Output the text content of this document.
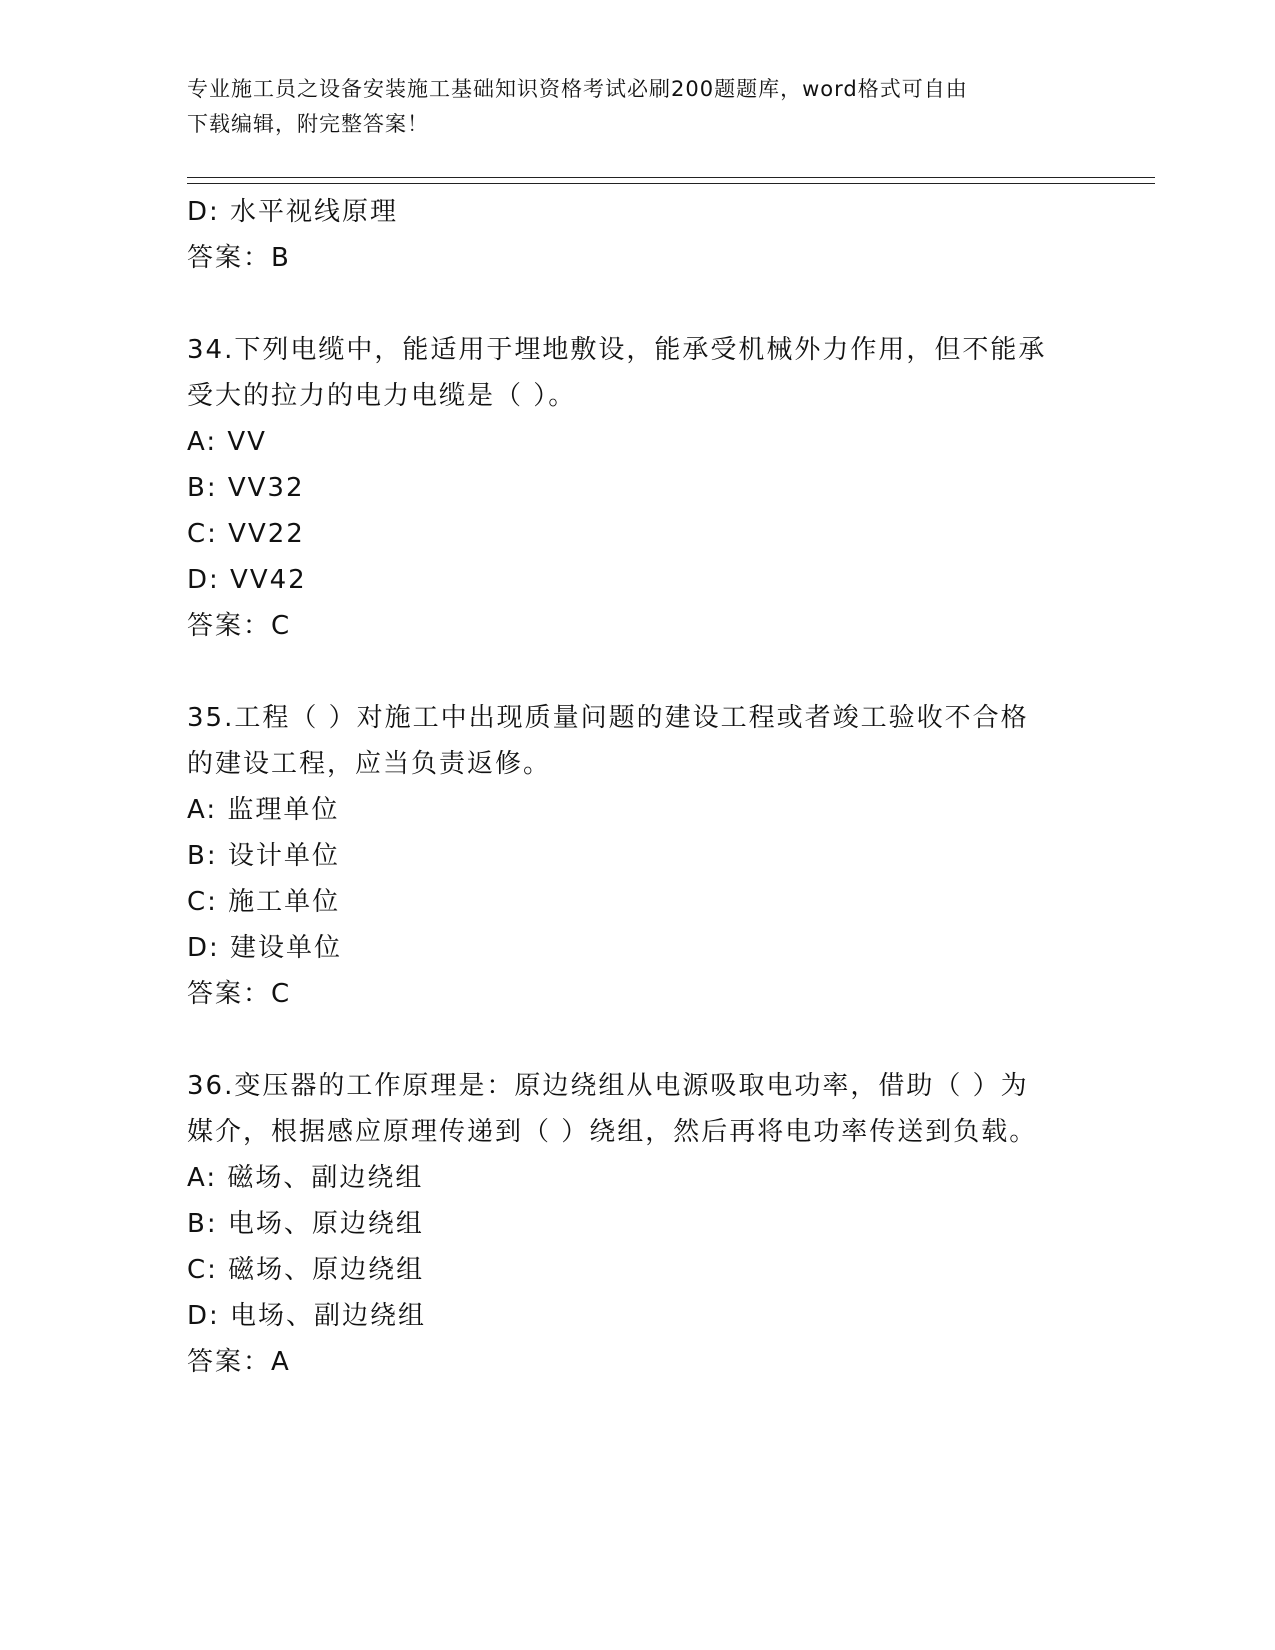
专业施工员之设备安装施工基础知识资格考试必刷200题题库，word格式可自由
下载编辑，附完整答案！
D: 水平视线原理
答案：B
34.下列电缆中，能适用于埋地敷设，能承受机械外力作用，但不能承
受大的拉力的电力电缆是（ ）。
A: VV
B: VV32
C: VV22
D: VV42
答案：C
35.工程（ ）对施工中出现质量问题的建设工程或者竣工验收不合格
的建设工程，应当负责返修。
A: 监理单位
B: 设计单位
C: 施工单位
D: 建设单位
答案：C
36.变压器的工作原理是：原边绕组从电源吸取电功率，借助（ ）为
媒介，根据感应原理传递到（ ）绕组，然后再将电功率传送到负载。
A: 磁场、副边绕组
B: 电场、原边绕组
C: 磁场、原边绕组
D: 电场、副边绕组
答案：A
